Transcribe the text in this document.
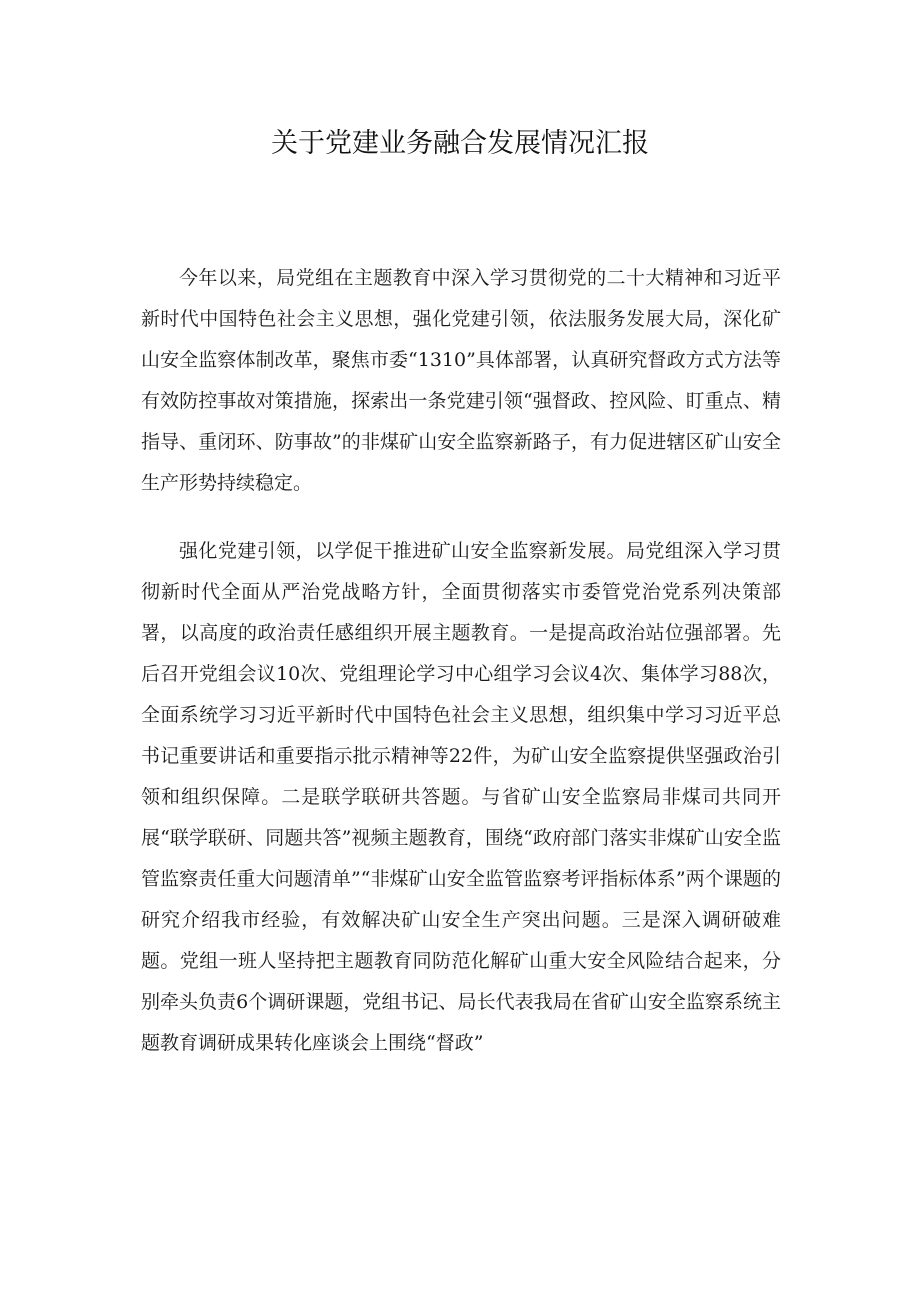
关于党建业务融合发展情况汇报

今年以来，局党组在主题教育中深入学习贯彻党的二十大精神和习近平新时代中国特色社会主义思想，强化党建引领，依法服务发展大局，深化矿山安全监察体制改革，聚焦市委“1310”具体部署，认真研究督政方式方法等有效防控事故对策措施，探索出一条党建引领“强督政、控风险、盯重点、精指导、重闭环、防事故”的非煤矿山安全监察新路子，有力促进辖区矿山安全生产形势持续稳定。

强化党建引领，以学促干推进矿山安全监察新发展。局党组深入学习贯彻新时代全面从严治党战略方针，全面贯彻落实市委管党治党系列决策部署，以高度的政治责任感组织开展主题教育。一是提高政治站位强部署。先后召开党组会议10次、党组理论学习中心组学习会议4次、集体学习88次，全面系统学习习近平新时代中国特色社会主义思想，组织集中学习习近平总书记重要讲话和重要指示批示精神等22件，为矿山安全监察提供坚强政治引领和组织保障。二是联学联研共答题。与省矿山安全监察局非煤司共同开展“联学联研、同题共答”视频主题教育，围绕“政府部门落实非煤矿山安全监管监察责任重大问题清单”“非煤矿山安全监管监察考评指标体系”两个课题的研究介绍我市经验，有效解决矿山安全生产突出问题。三是深入调研破难题。党组一班人坚持把主题教育同防范化解矿山重大安全风险结合起来，分别牵头负责6个调研课题，党组书记、局长代表我局在省矿山安全监察系统主题教育调研成果转化座谈会上围绕“督政”
